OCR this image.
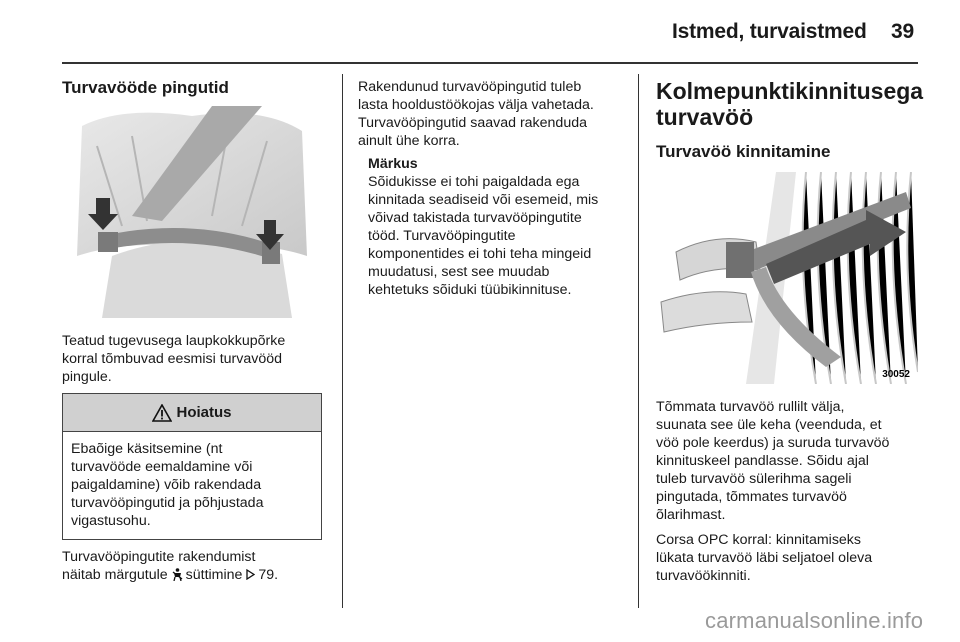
Istmed, turvaistmed 39
Turvavööde pingutid
Teatud tugevusega laupkokkupõrke
korral tõmbuvad eesmisi turvavööd
pingule.
Hoiatus
Ebaõige käsitsemine (nt
turvavööde eemaldamine või
paigaldamine) võib rakendada
turvavööpingutid ja põhjustada
vigastusohu.
Turvavööpingutite rakendumist
näitab märgutule süttimine 79.
Rakendunud turvavööpingutid tuleb
lasta hooldustöökojas välja vahetada.
Turvavööpingutid saavad rakenduda
ainult ühe korra.
Märkus
Sõidukisse ei tohi paigaldada ega
kinnitada seadiseid või esemeid, mis
võivad takistada turvavööpingutite
tööd. Turvavööpingutite
komponentides ei tohi teha mingeid
muudatusi, sest see muudab
kehtetuks sõiduki tüübikinnituse.
Kolmepunktikinnitusega
turvavöö
Turvavöö kinnitamine
30052
Tõmmata turvavöö rullilt välja,
suunata see üle keha (veenduda, et
vöö pole keerdus) ja suruda turvavöö
kinnituskeel pandlasse. Sõidu ajal
tuleb turvavöö sülerihma sageli
pingutada, tõmmates turvavöö
õlarihmast.
Corsa OPC korral: kinnitamiseks
lükata turvavöö läbi seljatoel oleva
turvavöökinniti.
carmanualsonline.info
